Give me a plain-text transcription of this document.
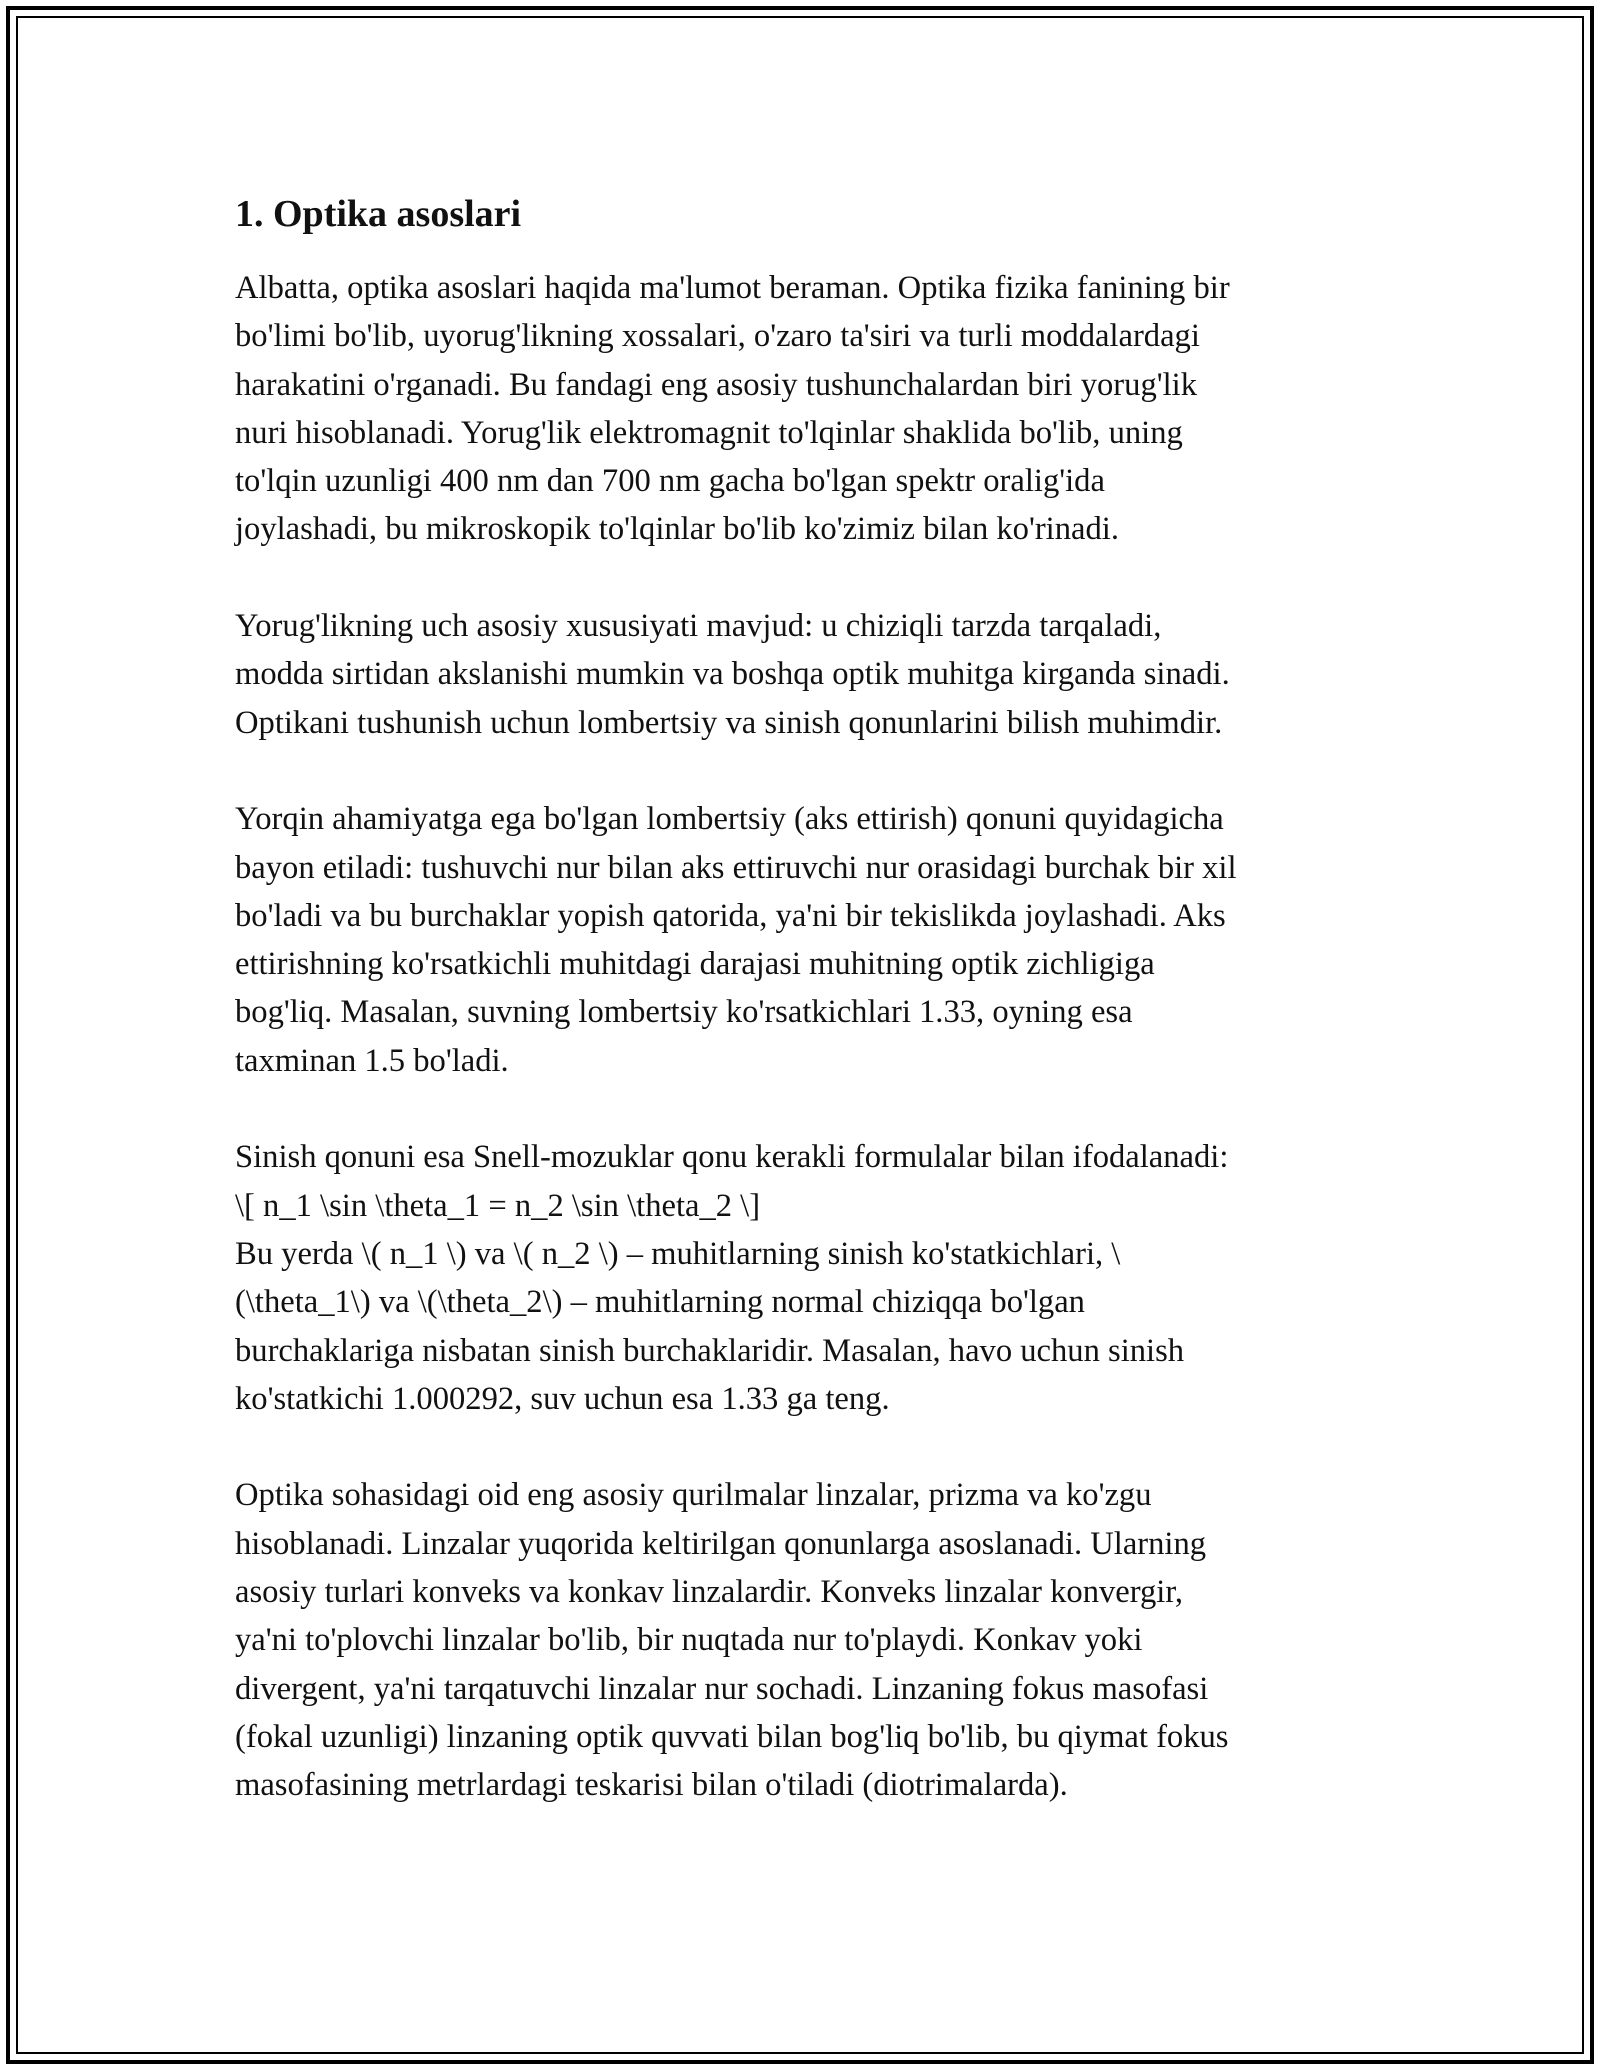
1. Optika asoslari

Albatta, optika asoslari haqida ma'lumot beraman. Optika fizika fanining bir
bo'limi bo'lib, uyorug'likning xossalari, o'zaro ta'siri va turli moddalardagi
harakatini o'rganadi. Bu fandagi eng asosiy tushunchalardan biri yorug'lik
nuri hisoblanadi. Yorug'lik elektromagnit to'lqinlar shaklida bo'lib, uning
to'lqin uzunligi 400 nm dan 700 nm gacha bo'lgan spektr oralig'ida
joylashadi, bu mikroskopik to'lqinlar bo'lib ko'zimiz bilan ko'rinadi.

Yorug'likning uch asosiy xususiyati mavjud: u chiziqli tarzda tarqaladi,
modda sirtidan akslanishi mumkin va boshqa optik muhitga kirganda sinadi.
Optikani tushunish uchun lombertsiy va sinish qonunlarini bilish muhimdir.

Yorqin ahamiyatga ega bo'lgan lombertsiy (aks ettirish) qonuni quyidagicha
bayon etiladi: tushuvchi nur bilan aks ettiruvchi nur orasidagi burchak bir xil
bo'ladi va bu burchaklar yopish qatorida, ya'ni bir tekislikda joylashadi. Aks
ettirishning ko'rsatkichli muhitdagi darajasi muhitning optik zichligiga
bog'liq. Masalan, suvning lombertsiy ko'rsatkichlari 1.33, oyning esa
taxminan 1.5 bo'ladi.

Sinish qonuni esa Snell-mozuklar qonu kerakli formulalar bilan ifodalanadi:
\[ n_1 \sin \theta_1 = n_2 \sin \theta_2 \]
Bu yerda \( n_1 \) va \( n_2 \) – muhitlarning sinish ko'statkichlari, \
(\theta_1\) va \(\theta_2\) – muhitlarning normal chiziqqa bo'lgan
burchaklariga nisbatan sinish burchaklaridir. Masalan, havo uchun sinish
ko'statkichi 1.000292, suv uchun esa 1.33 ga teng.

Optika sohasidagi oid eng asosiy qurilmalar linzalar, prizma va ko'zgu
hisoblanadi. Linzalar yuqorida keltirilgan qonunlarga asoslanadi. Ularning
asosiy turlari konveks va konkav linzalardir. Konveks linzalar konvergir,
ya'ni to'plovchi linzalar bo'lib, bir nuqtada nur to'playdi. Konkav yoki
divergent, ya'ni tarqatuvchi linzalar nur sochadi. Linzaning fokus masofasi
(fokal uzunligi) linzaning optik quvvati bilan bog'liq bo'lib, bu qiymat fokus
masofasining metrlardagi teskarisi bilan o'tiladi (diotrimalarda).
